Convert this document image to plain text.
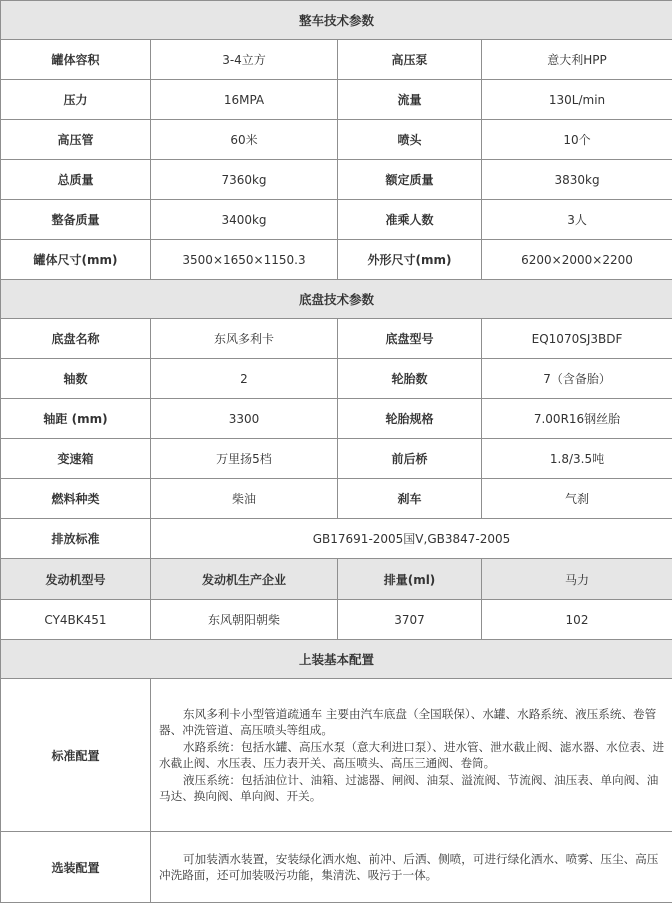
整车技术参数			
罐体容积	3-4立方	高压泵	意大利HPP
压力	16MPA	流量	130L/min
高压管	60米	喷头	10个
总质量	7360kg	额定质量	3830kg
整备质量	3400kg	准乘人数	3人
罐体尺寸(mm)	3500×1650×1150.3	外形尺寸(mm)	6200×2000×2200
底盘技术参数			
底盘名称	东风多利卡	底盘型号	EQ1070SJ3BDF
轴数	2	轮胎数	7（含备胎）
轴距 (mm)	3300	轮胎规格	7.00R16钢丝胎
变速箱	万里扬5档	前后桥	1.8/3.5吨
燃料种类	柴油	刹车	气刹
排放标准	GB17691-2005国Ⅴ,GB3847-2005		
发动机型号	发动机生产企业	排量(ml)	马力
CY4BK451	东风朝阳朝柴	3707	102
上装基本配置			
标准配置	东风多利卡小型管道疏通车 主要由汽车底盘（全国联保）、水罐、水路系统、液压系统、卷管器、冲洗管道、高压喷头等组成。

水路系统：包括水罐、高压水泵（意大利进口泵）、进水管、泄水截止阀、滤水器、水位表、进水截止阀、水压表、压力表开关、高压喷头、高压三通阀、卷筒。

液压系统：包括油位计、油箱、过滤器、闸阀、油泵、溢流阀、节流阀、油压表、单向阀、油马达、换向阀、单向阀、开关。		

选装配置	可加装洒水装置，安装绿化洒水炮、前冲、后洒、侧喷，可进行绿化洒水、喷雾、压尘、高压冲洗路面，还可加装吸污功能，集清洗、吸污于一体。		
